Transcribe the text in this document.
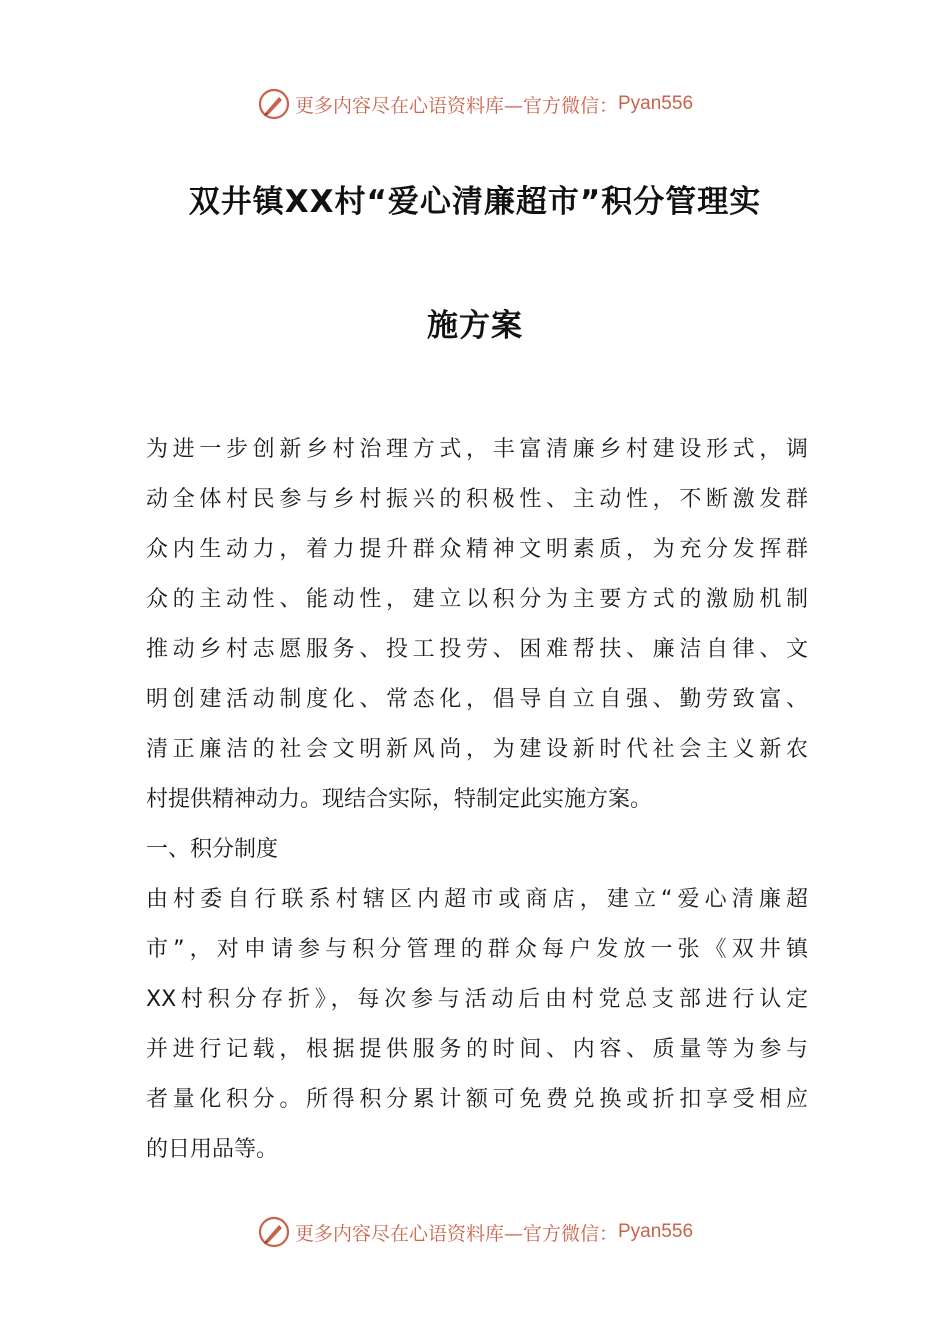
更多内容尽在心语资料库—官方微信： Pyan556
双井镇XX村“爱心清廉超市”积分管理实
施方案
为进一步创新乡村治理方式，丰富清廉乡村建设形式，调
动全体村民参与乡村振兴的积极性、主动性，不断激发群
众内生动力，着力提升群众精神文明素质，为充分发挥群
众的主动性、能动性，建立以积分为主要方式的激励机制
推动乡村志愿服务、投工投劳、困难帮扶、廉洁自律、文
明创建活动制度化、常态化，倡导自立自强、勤劳致富、
清正廉洁的社会文明新风尚，为建设新时代社会主义新农
村提供精神动力。现结合实际，特制定此实施方案。
一、积分制度
由村委自行联系村辖区内超市或商店，建立“爱心清廉超
市”，对申请参与积分管理的群众每户发放一张《双井镇
XX村积分存折》，每次参与活动后由村党总支部进行认定
并进行记载，根据提供服务的时间、内容、质量等为参与
者量化积分。所得积分累计额可免费兑换或折扣享受相应
的日用品等。
更多内容尽在心语资料库—官方微信： Pyan556
